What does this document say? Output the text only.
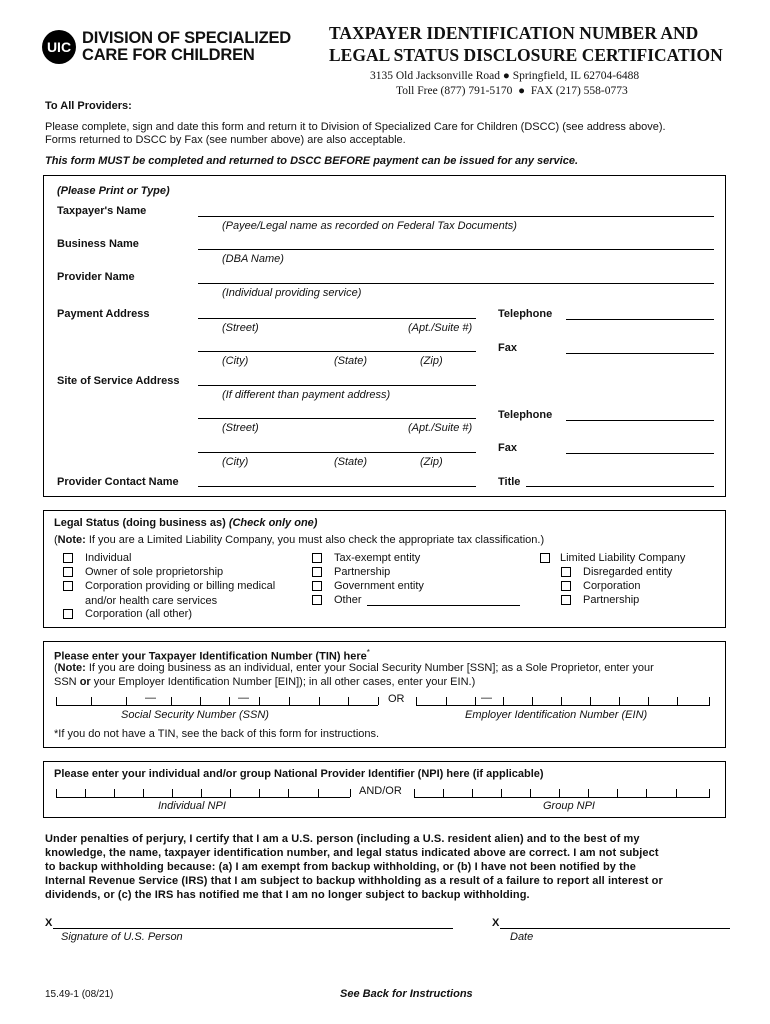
UIC DIVISION OF SPECIALIZED
CARE FOR CHILDREN
TAXPAYER IDENTIFICATION NUMBER AND
LEGAL STATUS DISCLOSURE CERTIFICATION
3135 Old Jacksonville Road ● Springfield, IL 62704-6488
Toll Free (877) 791-5170  ●  FAX (217) 558-0773
To All Providers:
Please complete, sign and date this form and return it to Division of Specialized Care for Children (DSCC) (see address above).
Forms returned to DSCC by Fax (see number above) are also acceptable.
This form MUST be completed and returned to DSCC BEFORE payment can be issued for any service.
(Please Print or Type)
Taxpayer's Name
(Payee/Legal name as recorded on Federal Tax Documents)
Business Name
(DBA Name)
Provider Name
(Individual providing service)
Payment Address
(Street)	(Apt./Suite #)
(City)	(State)	(Zip)
Telephone
Fax
Site of Service Address
(If different than payment address)
(Street)	(Apt./Suite #)
(City)	(State)	(Zip)
Telephone
Fax
Provider Contact Name	Title
Legal Status (doing business as) (Check only one)
(Note: If you are a Limited Liability Company, you must also check the appropriate tax classification.)
Individual
Owner of sole proprietorship
Corporation providing or billing medical
and/or health care services
Corporation (all other)
Tax-exempt entity
Partnership
Government entity
Other
Limited Liability Company
Disregarded entity
Corporation
Partnership
Please enter your Taxpayer Identification Number (TIN) here*
(Note: If you are doing business as an individual, enter your Social Security Number [SSN]; as a Sole Proprietor, enter your
SSN or your Employer Identification Number [EIN]); in all other cases, enter your EIN.)
—	—	OR	—
Social Security Number (SSN)	Employer Identification Number (EIN)
*If you do not have a TIN, see the back of this form for instructions.
Please enter your individual and/or group National Provider Identifier (NPI) here (if applicable)
AND/OR
Individual NPI	Group NPI
Under penalties of perjury, I certify that I am a U.S. person (including a U.S. resident alien) and to the best of my
knowledge, the name, taxpayer identification number, and legal status indicated above are correct. I am not subject
to backup withholding because: (a) I am exempt from backup withholding, or (b) I have not been notified by the
Internal Revenue Service (IRS) that I am subject to backup withholding as a result of a failure to report all interest or
dividends, or (c) the IRS has notified me that I am no longer subject to backup withholding.
X
Signature of U.S. Person
X
Date
15.49-1 (08/21)	See Back for Instructions
